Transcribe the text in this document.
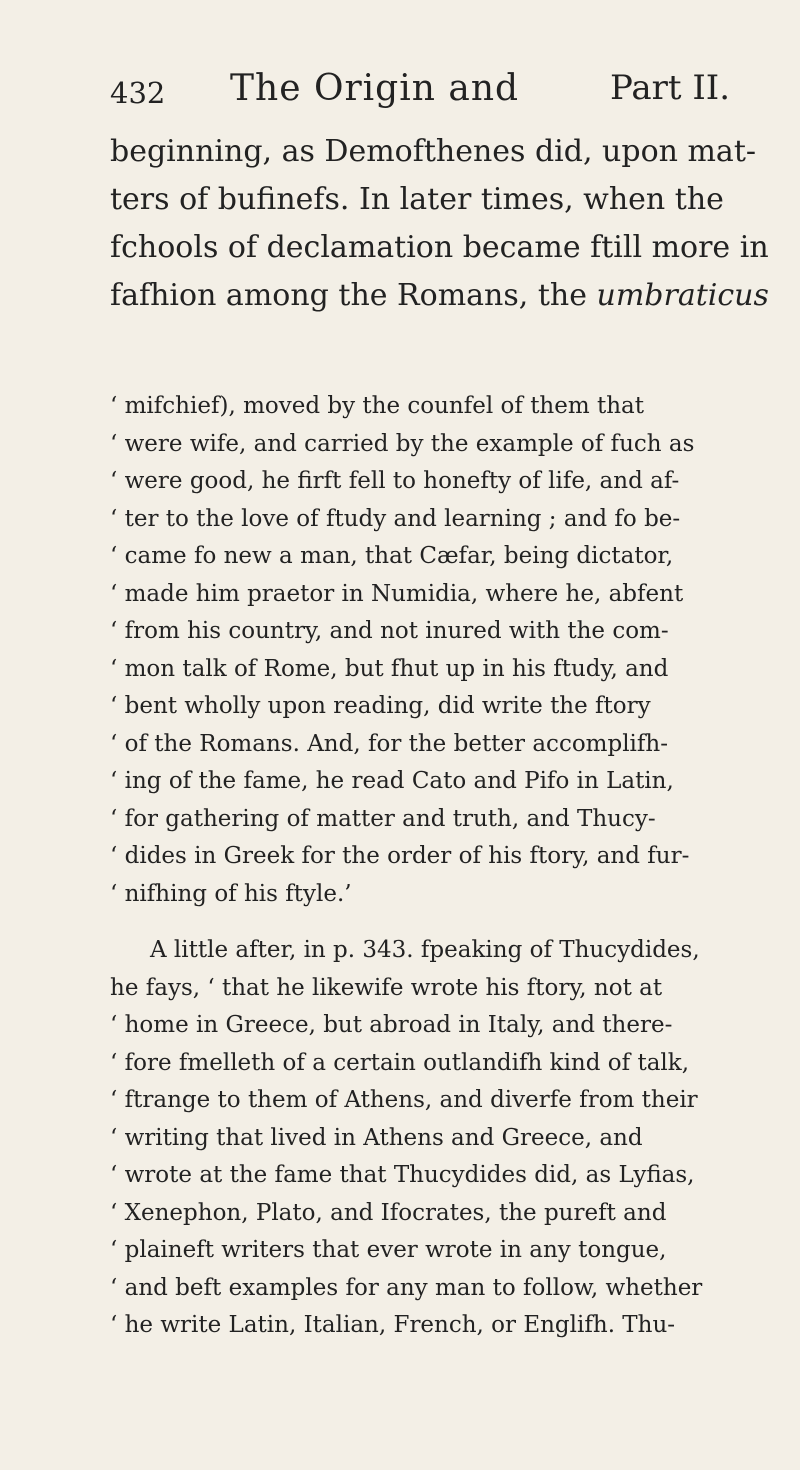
432 The Origin and	Part II.
beginning, as Demofthenes did, upon mat-
ters of bufinefs. In later times, when the
fchools of declamation became ftill more in
fafhion among the Romans, the umbraticus
‘ mifchief), moved by the counfel of them that
‘ were wife, and carried by the example of fuch as
‘ were good, he firft fell to honefty of life, and af-
‘ ter to the love of ftudy and learning ; and fo be-
‘ came fo new a man, that Cæfar, being dictator,
‘ made him praetor in Numidia, where he, abfent
‘ from his country, and not inured with the com-
‘ mon talk of Rome, but fhut up in his ftudy, and
‘ bent wholly upon reading, did write the ftory
‘ of the Romans. And, for the better accomplifh-
‘ ing of the fame, he read Cato and Pifo in Latin,
‘ for gathering of matter and truth, and Thucy-
‘ dides in Greek for the order of his ftory, and fur-
‘ nifhing of his ftyle.’
A little after, in p. 343. fpeaking of Thucydides,
he fays, ‘ that he likewife wrote his ftory, not at
‘ home in Greece, but abroad in Italy, and there-
‘ fore fmelleth of a certain outlandifh kind of talk,
‘ ftrange to them of Athens, and diverfe from their
‘ writing that lived in Athens and Greece, and
‘ wrote at the fame that Thucydides did, as Lyfias,
‘ Xenephon, Plato, and Ifocrates, the pureft and
‘ plaineft writers that ever wrote in any tongue,
‘ and beft examples for any man to follow, whether
‘ he write Latin, Italian, French, or Englifh. Thu-
